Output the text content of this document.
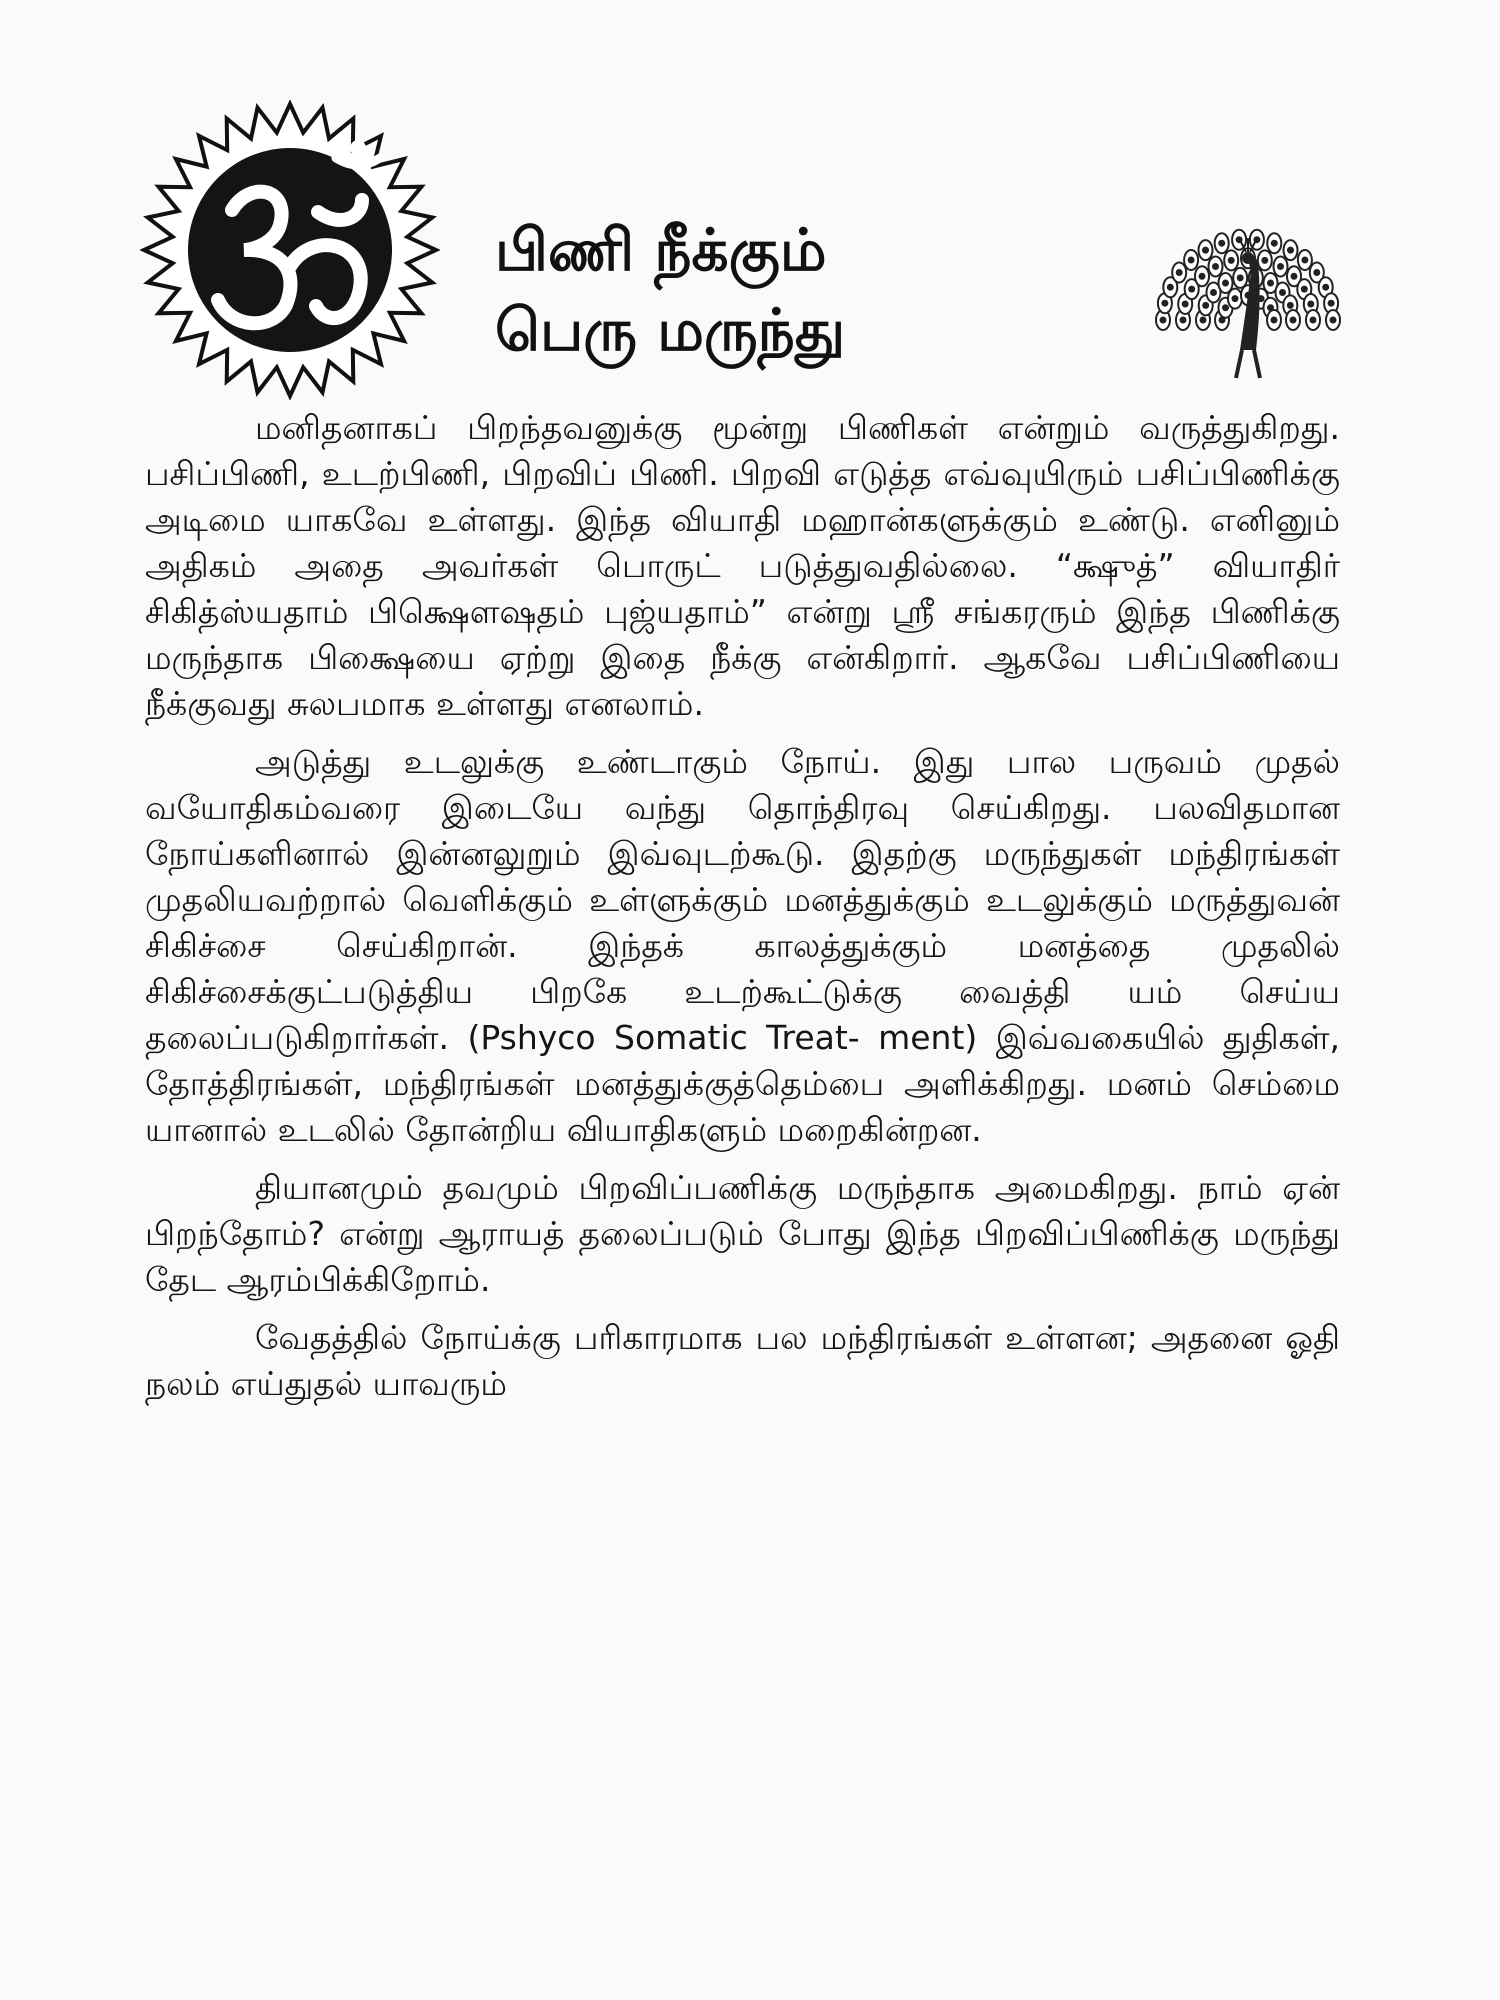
பிணி நீக்கும்
பெரு மருந்து

மனிதனாகப் பிறந்தவனுக்கு மூன்று பிணிகள் என்றும் வருத்துகிறது. பசிப்பிணி, உடற்பிணி, பிறவிப் பிணி. பிறவி எடுத்த எவ்வுயிரும் பசிப்பிணிக்கு அடிமை யாகவே உள்ளது. இந்த வியாதி மஹான்களுக்கும் உண்டு. எனினும் அதிகம் அதை அவர்கள் பொருட் படுத்துவதில்லை. “க்ஷுத்” வியாதிர் சிகித்ஸ்யதாம் பிக்ஷௌஷதம் புஜ்யதாம்” என்று ஸ்ரீ சங்கரரும் இந்த பிணிக்கு மருந்தாக பிக்ஷையை ஏற்று இதை நீக்கு என்கிறார். ஆகவே பசிப்பிணியை நீக்குவது சுலபமாக உள்ளது எனலாம்.

அடுத்து உடலுக்கு உண்டாகும் நோய். இது பால பருவம் முதல் வயோதிகம்வரை இடையே வந்து தொந்திரவு செய்கிறது. பலவிதமான நோய்களினால் இன்னலுறும் இவ்வுடற்கூடு. இதற்கு மருந்துகள் மந்திரங்கள் முதலியவற்றால் வெளிக்கும் உள்ளுக்கும் மனத்துக்கும் உடலுக்கும் மருத்துவன் சிகிச்சை செய்கிறான். இந்தக் காலத்துக்கும் மனத்தை முதலில் சிகிச்சைக்குட்படுத்திய பிறகே உடற்கூட்டுக்கு வைத்தி யம் செய்ய தலைப்படுகிறார்கள். (Pshyco Somatic Treat- ment) இவ்வகையில் துதிகள், தோத்திரங்கள், மந்திரங்கள் மனத்துக்குத்தெம்பை அளிக்கிறது. மனம் செம்மை யானால் உடலில் தோன்றிய வியாதிகளும் மறைகின்றன.

தியானமும் தவமும் பிறவிப்பணிக்கு மருந்தாக அமைகிறது. நாம் ஏன் பிறந்தோம்? என்று ஆராயத் தலைப்படும் போது இந்த பிறவிப்பிணிக்கு மருந்து தேட ஆரம்பிக்கிறோம்.

வேதத்தில் நோய்க்கு பரிகாரமாக பல மந்திரங்கள் உள்ளன; அதனை ஓதி நலம் எய்துதல் யாவரும்
